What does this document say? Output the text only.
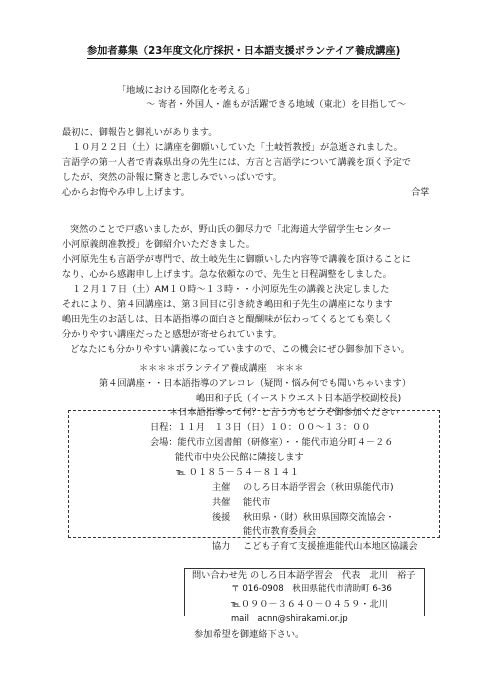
参加者募集（23年度文化庁採択・日本語支援ボランテイア養成講座)
「地域における国際化を考える」
～ 寄者・外国人・誰もが活躍できる地域（東北）を目指して～
最初に、御報告と御礼いがあります。
１０月２２日（土）に講座を御願いしていた「土岐哲教授」が急逝されました。
言語学の第一人者で青森県出身の先生には、方言と言語学について講義を頂く予定で
したが、突然の訃報に驚きと悲しみでいっぱいです。
心からお悔やみ申し上げます。	合掌
突然のことで戸惑いましたが、野山氏の御尽力で「北海道大学留学生センター
小河原義朗准教授」を御紹介いただきました。
小河原先生も言語学が専門で、故土岐先生に御願いした内容等で講義を頂けることに
なり、心から感謝申し上げます。急な依頼なので、先生と日程調整をしました。
１２月１７日（土）AM１０時～１３時・・小河原先生の講義と決定しました
それにより、第４回講座は、第３回目に引き続き嶋田和子先生の講座になります
嶋田先生のお話しは、日本語指導の面白さと醍醐味が伝わってくるとても楽しく
分かりやすい講座だったと感想が寄せられています。
どなたにも分かりやすい講義になっていますので、この機会にぜひ御参加下さい。
＊＊＊＊ボランテイア養成講座　＊＊＊
第４回講座・・日本語指導のアレコレ（疑問・悩み何でも聞いちゃいます）
嶋田和子氏（イーストウエスト日本語学校副校長)
＊日本語指導って何？と言う方もどうぞ御参加ください
日程：１１月　１３日（日）１０：００～１３：００
会場：能代市立図書館（研修室）・・能代市追分町４－２６
能代市中央公民館に隣接します
℡ ０１８５－５４－８１４１
主催 のしろ日本語学習会（秋田県能代市)
共催 能代市
後援 秋田県・（財）秋田県国際交流協会・
能代市教育委員会
協力 こども子育て支援推進能代山本地区協議会
問い合わせ先 のしろ日本語学習会　代表　北川　裕子
〒 016-0908　秋田県能代市清助町 6-36
℡０９０－３６４０－０４５９・北川
mail　acnn@shirakami.or.jp
参加希望を御連絡下さい。
